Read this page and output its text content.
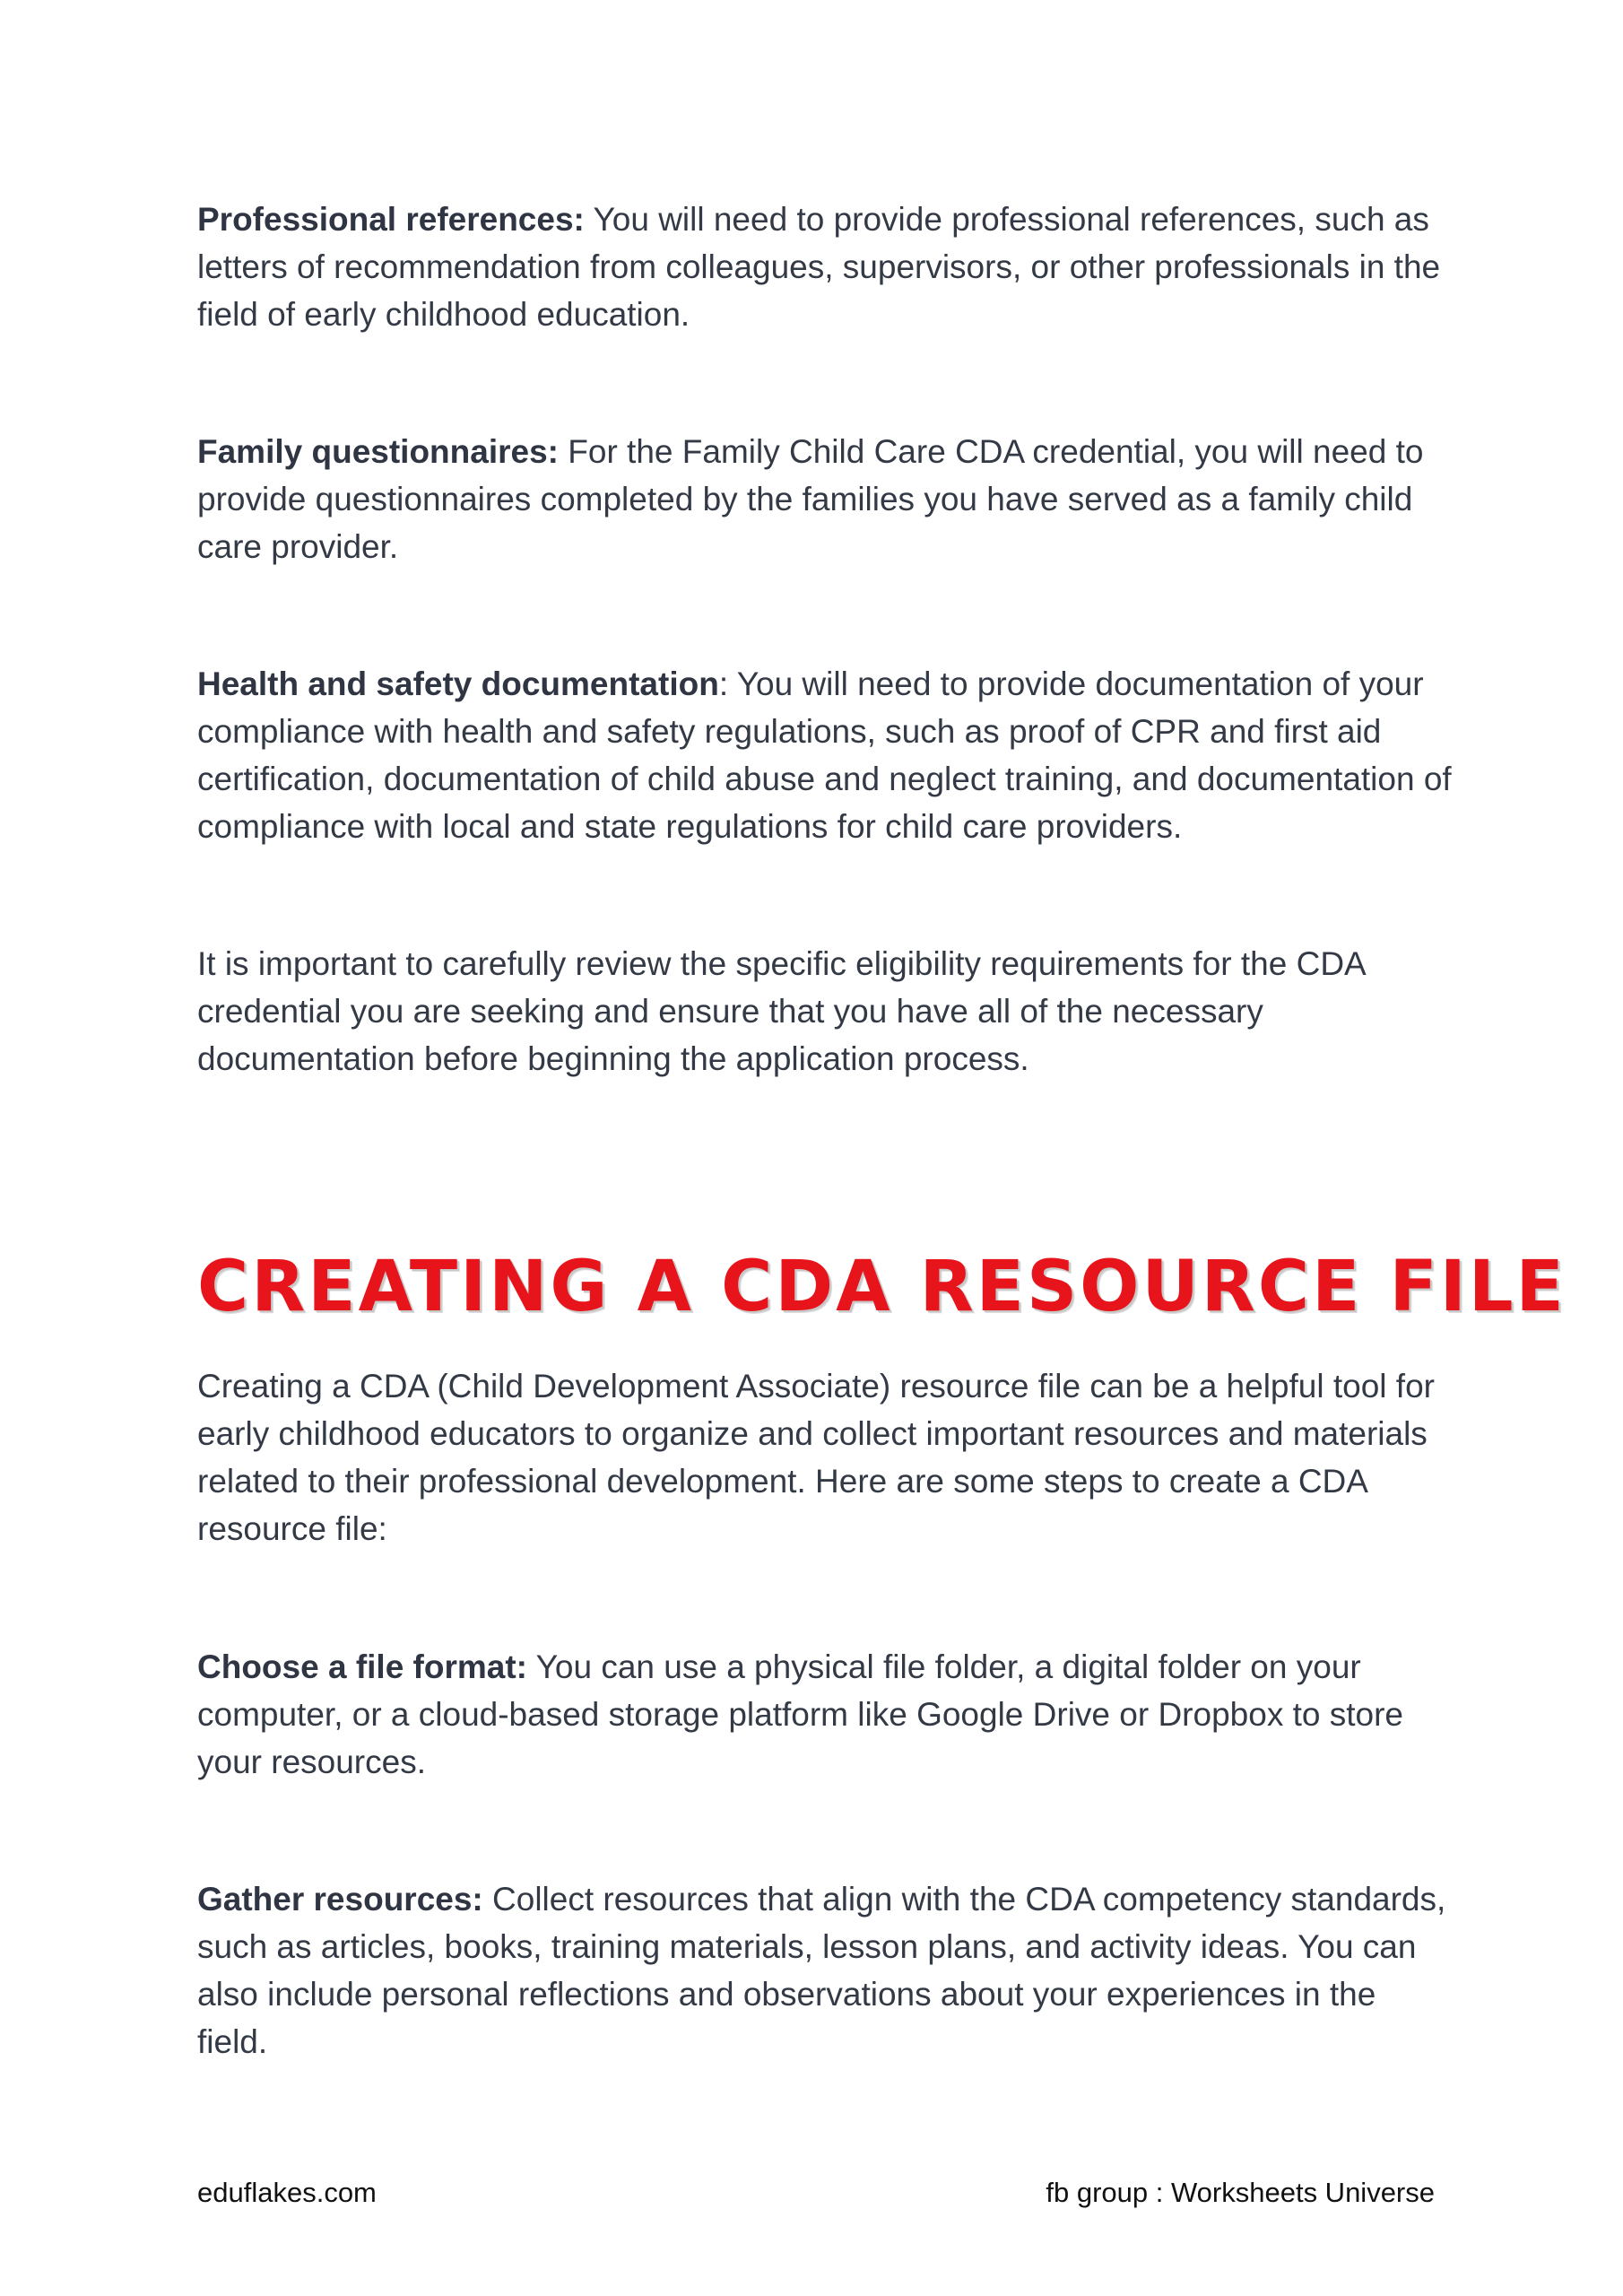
Professional references: You will need to provide professional references, such as letters of recommendation from colleagues, supervisors, or other professionals in the field of early childhood education.

Family questionnaires: For the Family Child Care CDA credential, you will need to provide questionnaires completed by the families you have served as a family child care provider.

Health and safety documentation: You will need to provide documentation of your compliance with health and safety regulations, such as proof of CPR and first aid certification, documentation of child abuse and neglect training, and documentation of compliance with local and state regulations for child care providers.

It is important to carefully review the specific eligibility requirements for the CDA credential you are seeking and ensure that you have all of the necessary documentation before beginning the application process.

CREATING A CDA RESOURCE FILE

Creating a CDA (Child Development Associate) resource file can be a helpful tool for early childhood educators to organize and collect important resources and materials related to their professional development. Here are some steps to create a CDA resource file:

Choose a file format: You can use a physical file folder, a digital folder on your computer, or a cloud-based storage platform like Google Drive or Dropbox to store your resources.

Gather resources: Collect resources that align with the CDA competency standards, such as articles, books, training materials, lesson plans, and activity ideas. You can also include personal reflections and observations about your experiences in the field.

eduflakes.com	fb group : Worksheets Universe
